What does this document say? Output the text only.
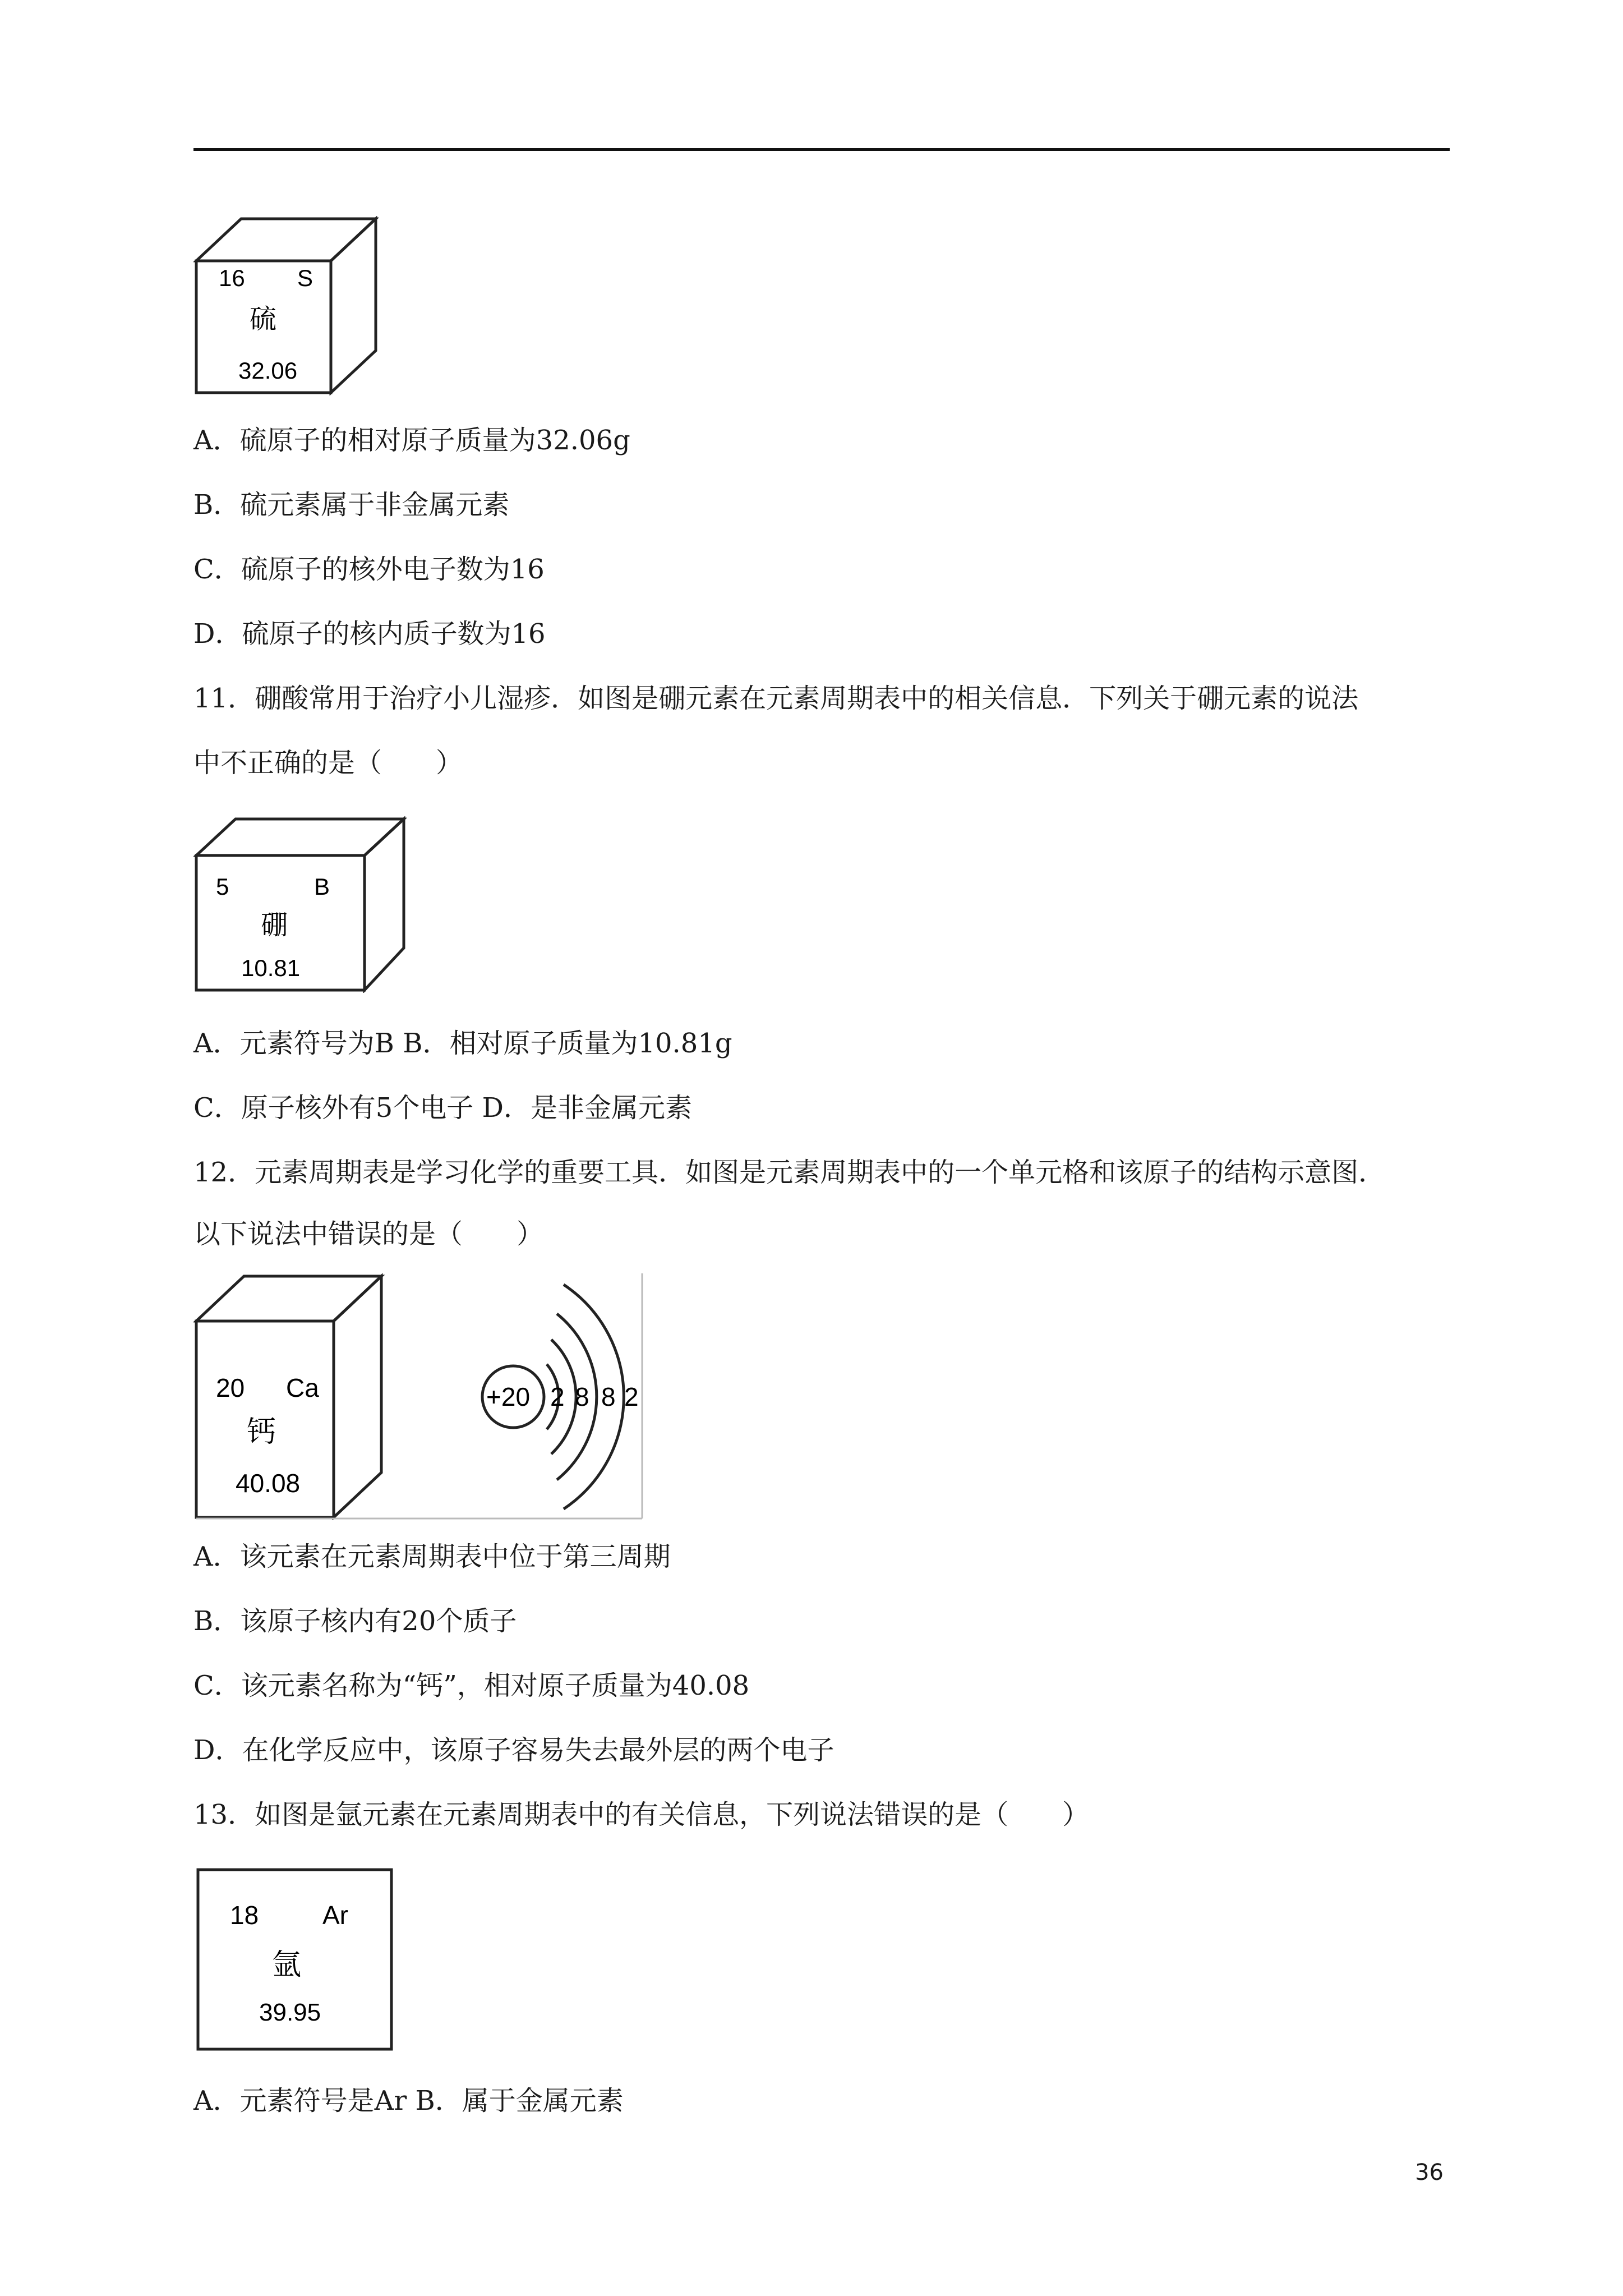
16 S
硫
32.06
A．硫原子的相对原子质量为32.06g
B．硫元素属于非金属元素
C．硫原子的核外电子数为16
D．硫原子的核内质子数为16
11．硼酸常用于治疗小儿湿疹．如图是硼元素在元素周期表中的相关信息．下列关于硼元素的说法
中不正确的是（　　）
5	B
硼
10.81
A．元素符号为B B．相对原子质量为10.81g
C．原子核外有5个电子 D．是非金属元素
12．元素周期表是学习化学的重要工具．如图是元素周期表中的一个单元格和该原子的结构示意图．
以下说法中错误的是（　　）
20 Ca
钙
40.08
+20 2 8 8 2
A．该元素在元素周期表中位于第三周期
B．该原子核内有20个质子
C．该元素名称为“钙”，相对原子质量为40.08
D．在化学反应中，该原子容易失去最外层的两个电子
13．如图是氩元素在元素周期表中的有关信息，下列说法错误的是（　　）
18 Ar
氩
39.95
A．元素符号是Ar B．属于金属元素
36
